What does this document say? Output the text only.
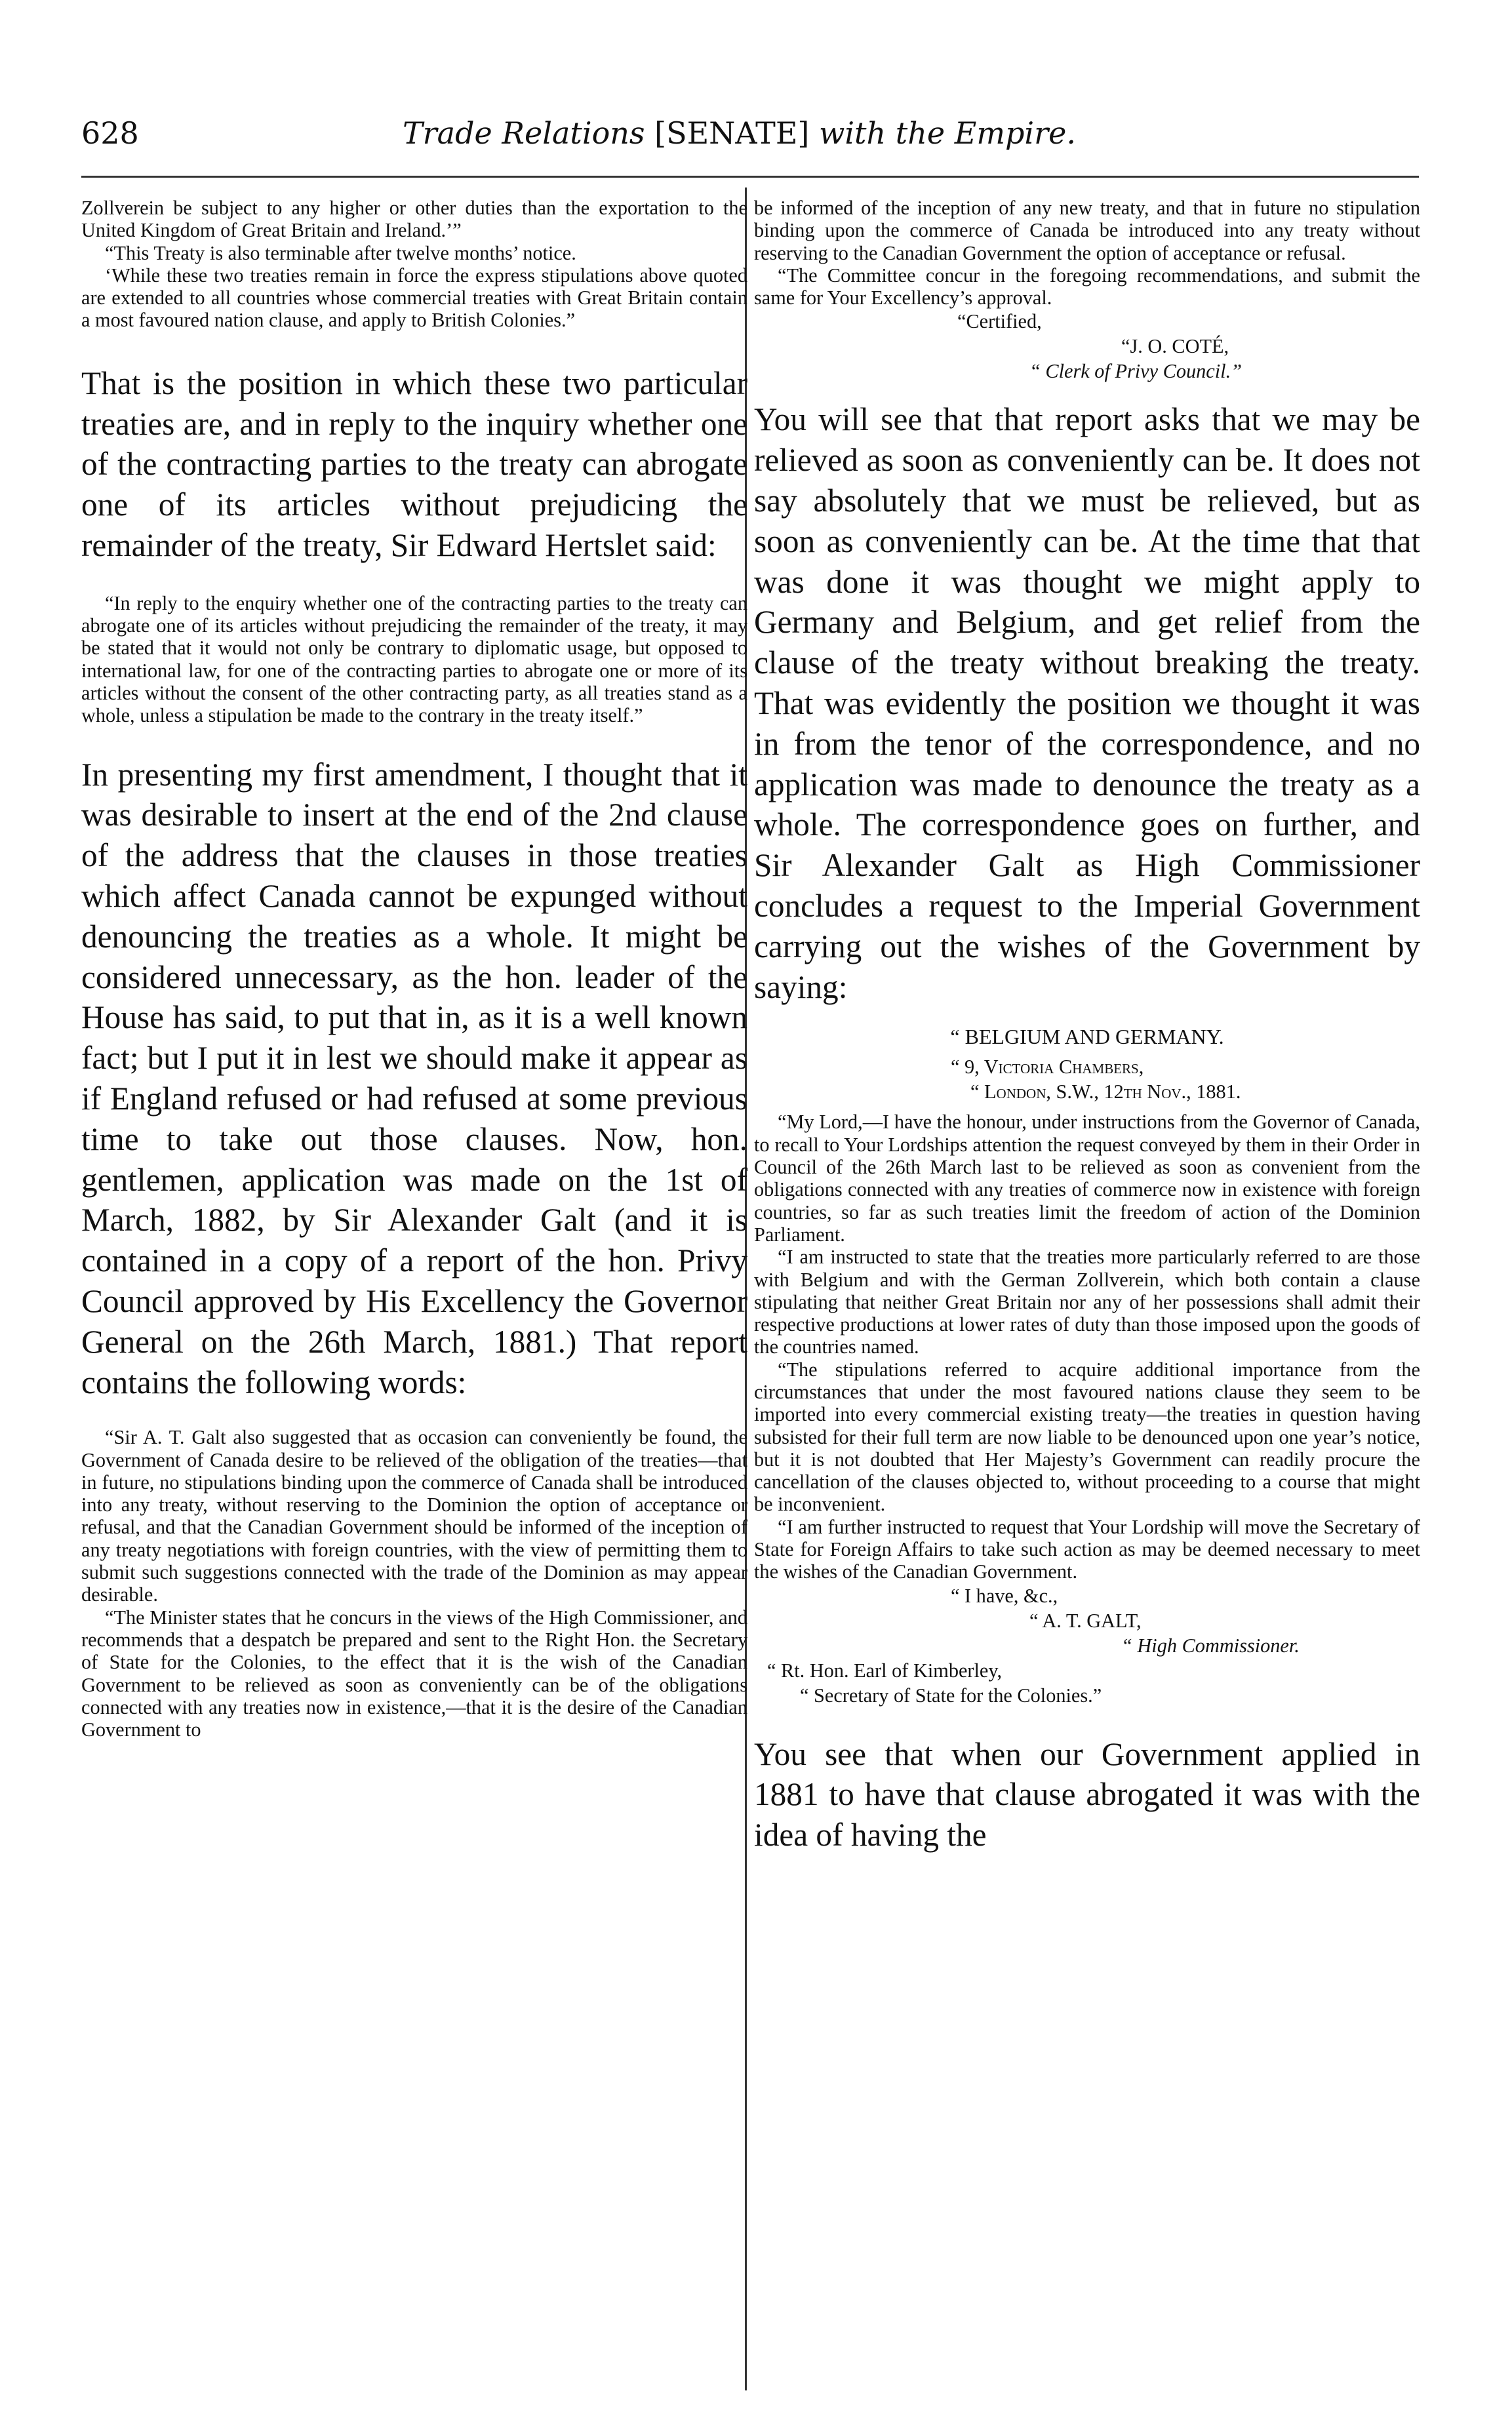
628	Trade Relations [SENATE] with the Empire.

Zollverein be subject to any higher or other duties than the exportation to the United Kingdom of Great Britain and Ireland.’”

“This Treaty is also terminable after twelve months’ notice.

‘While these two treaties remain in force the express stipulations above quoted are extended to all countries whose commercial treaties with Great Britain contain a most favoured nation clause, and apply to British Colonies.”

That is the position in which these two particular treaties are, and in reply to the inquiry whether one of the contracting parties to the treaty can abrogate one of its articles without prejudicing the remainder of the treaty, Sir Edward Hertslet said:

“In reply to the enquiry whether one of the contracting parties to the treaty can abrogate one of its articles without prejudicing the remainder of the treaty, it may be stated that it would not only be contrary to diplomatic usage, but opposed to international law, for one of the contracting parties to abrogate one or more of its articles without the consent of the other contracting party, as all treaties stand as a whole, unless a stipulation be made to the contrary in the treaty itself.”

In presenting my first amendment, I thought that it was desirable to insert at the end of the 2nd clause of the address that the clauses in those treaties which affect Canada cannot be expunged without denouncing the treaties as a whole. It might be considered unnecessary, as the hon. leader of the House has said, to put that in, as it is a well known fact; but I put it in lest we should make it appear as if England refused or had refused at some previous time to take out those clauses. Now, hon. gentlemen, application was made on the 1st of March, 1882, by Sir Alexander Galt (and it is contained in a copy of a report of the hon. Privy Council approved by His Excellency the Governor General on the 26th March, 1881.) That report contains the following words:

“Sir A. T. Galt also suggested that as occasion can conveniently be found, the Government of Canada desire to be relieved of the obligation of the treaties—that in future, no stipulations binding upon the commerce of Canada shall be introduced into any treaty, without reserving to the Dominion the option of acceptance or refusal, and that the Canadian Government should be informed of the inception of any treaty negotiations with foreign countries, with the view of permitting them to submit such suggestions connected with the trade of the Dominion as may appear desirable.

“The Minister states that he concurs in the views of the High Commissioner, and recommends that a despatch be prepared and sent to the Right Hon. the Secretary of State for the Colonies, to the effect that it is the wish of the Canadian Government to be relieved as soon as conveniently can be of the obligations connected with any treaties now in existence,—that it is the desire of the Canadian Government to

be informed of the inception of any new treaty, and that in future no stipulation binding upon the commerce of Canada be introduced into any treaty without reserving to the Canadian Government the option of acceptance or refusal.

“The Committee concur in the foregoing recommendations, and submit the same for Your Excellency’s approval.

“Certified,

“J. O. COTÉ,

“ Clerk of Privy Council.”

You will see that that report asks that we may be relieved as soon as conveniently can be. It does not say absolutely that we must be relieved, but as soon as conveniently can be. At the time that that was done it was thought we might apply to Germany and Belgium, and get relief from the clause of the treaty without breaking the treaty. That was evidently the position we thought it was in from the tenor of the correspondence, and no application was made to denounce the treaty as a whole. The correspondence goes on further, and Sir Alexander Galt as High Commissioner concludes a request to the Imperial Government carrying out the wishes of the Government by saying:

“ BELGIUM AND GERMANY.

“ 9, Victoria Chambers,

“ London, S.W., 12th Nov., 1881.

“My Lord,—I have the honour, under instructions from the Governor of Canada, to recall to Your Lordships attention the request conveyed by them in their Order in Council of the 26th March last to be relieved as soon as convenient from the obligations connected with any treaties of commerce now in existence with foreign countries, so far as such treaties limit the freedom of action of the Dominion Parliament.

“I am instructed to state that the treaties more particularly referred to are those with Belgium and with the German Zollverein, which both contain a clause stipulating that neither Great Britain nor any of her possessions shall admit their respective productions at lower rates of duty than those imposed upon the goods of the countries named.

“The stipulations referred to acquire additional importance from the circumstances that under the most favoured nations clause they seem to be imported into every commercial existing treaty—the treaties in question having subsisted for their full term are now liable to be denounced upon one year’s notice, but it is not doubted that Her Majesty’s Government can readily procure the cancellation of the clauses objected to, without proceeding to a course that might be inconvenient.

“I am further instructed to request that Your Lordship will move the Secretary of State for Foreign Affairs to take such action as may be deemed necessary to meet the wishes of the Canadian Government.

“ I have, &c.,

“ A. T. GALT,

“ High Commissioner.

“ Rt. Hon. Earl of Kimberley,

“ Secretary of State for the Colonies.”

You see that when our Government applied in 1881 to have that clause abrogated it was with the idea of having the
